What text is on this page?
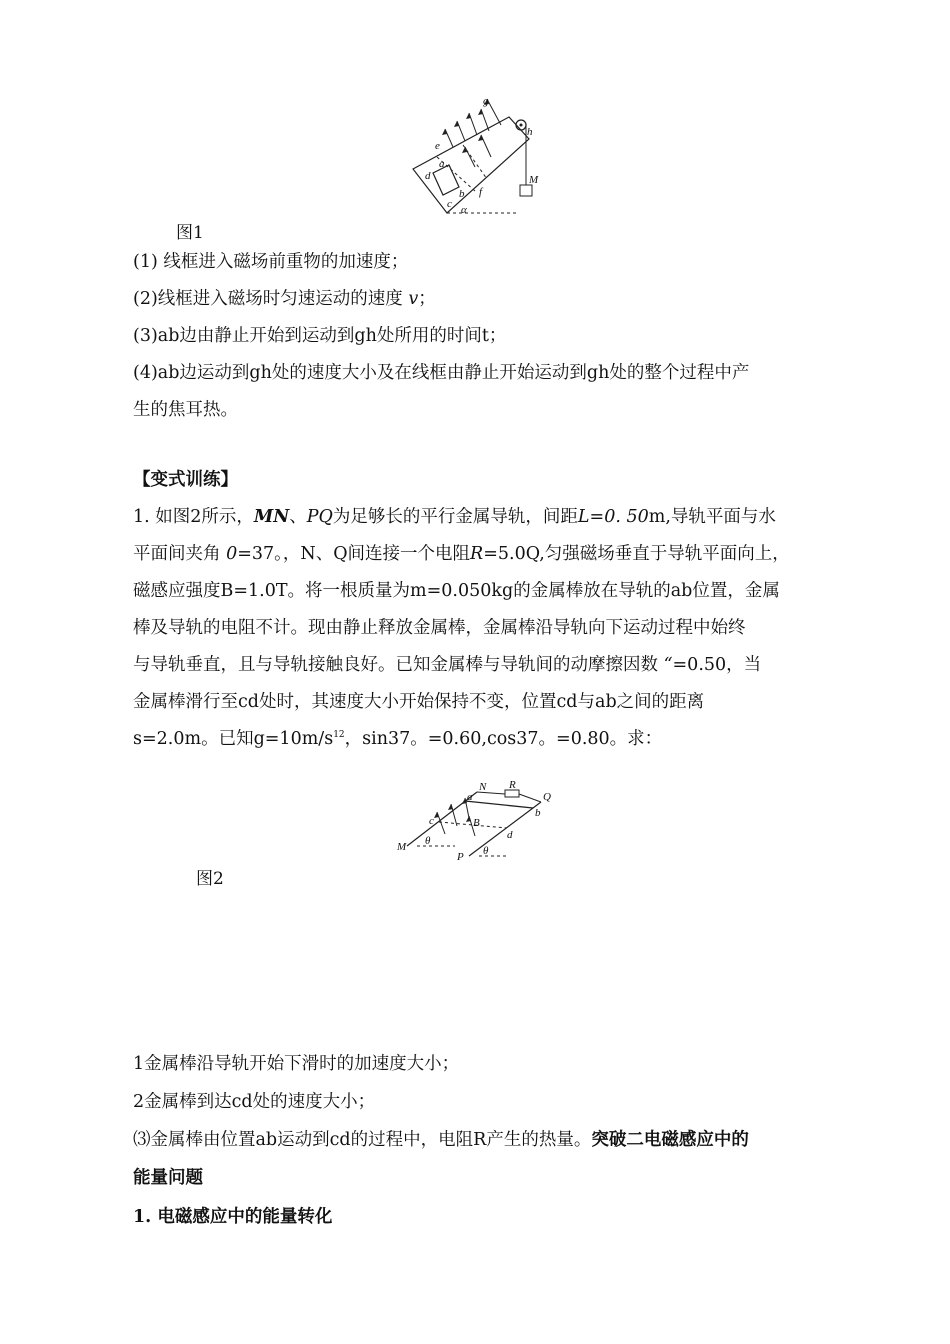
g
h
e
a
d
b
c
f
M
α
图1
(1) 线框进入磁场前重物的加速度；
(2)线框进入磁场时匀速运动的速度 v；
(3)ab边由静止开始到运动到gh处所用的时间t；
(4)ab边运动到gh处的速度大小及在线框由静止开始运动到gh处的整个过程中产
生的焦耳热。
【变式训练】
1. 如图2所示，MN、PQ为足够长的平行金属导轨，间距L=0. 50m,导轨平面与水
平面间夹角 0=37。，N、Q间连接一个电阻R=5.0Q,匀强磁场垂直于导轨平面向上，
磁感应强度B=1.0T。将一根质量为m=0.050kg的金属棒放在导轨的ab位置，金属
棒及导轨的电阻不计。现由静止释放金属棒，金属棒沿导轨向下运动过程中始终
与导轨垂直，且与导轨接触良好。已知金属棒与导轨间的动摩擦因数 “=0.50，当
金属棒滑行至cd处时，其速度大小开始保持不变，位置cd与ab之间的距离
s=2.0m。已知$g=10m/s^{12}$，sin37。=0.60,cos37。=0.80。求：
N R
Q
a
b
c	B
d
M
P
θ
θ
图2
1金属棒沿导轨开始下滑时的加速度大小；
2金属棒到达cd处的速度大小；
⑶金属棒由位置ab运动到cd的过程中，电阻R产生的热量。突破二电磁感应中的
能量问题
1. 电磁感应中的能量转化
